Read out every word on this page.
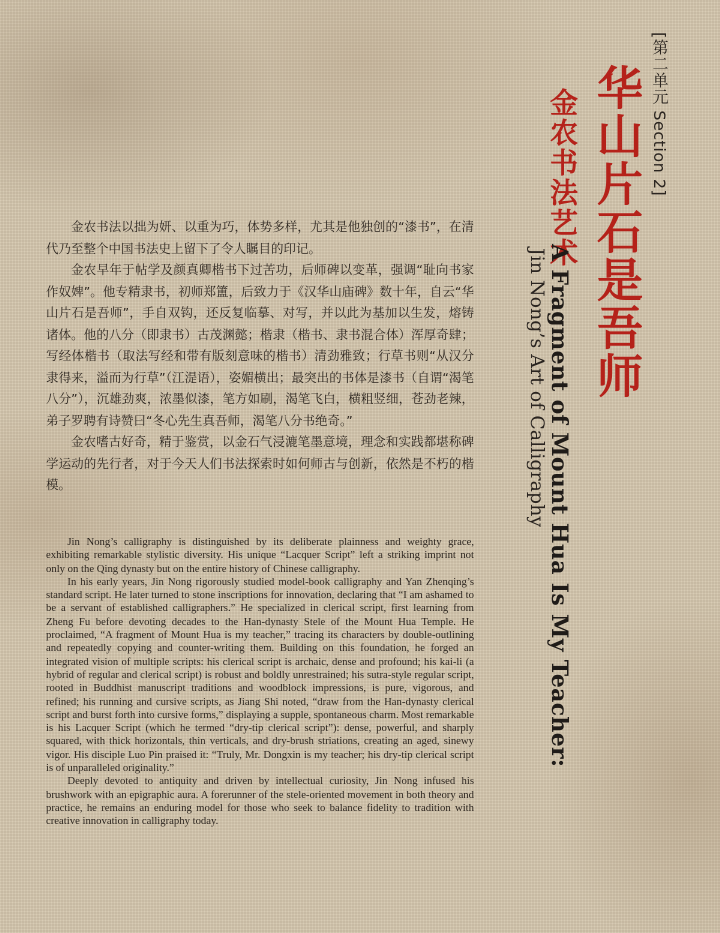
[第二单元 Section 2]
华山片石是吾师
金农书法艺术
A Fragment of Mount Hua Is My Teacher:
Jin Nong’s Art of Calligraphy

金农书法以拙为妍、以重为巧，体势多样，尤其是他独创的“漆书”，在清代乃至整个中国书法史上留下了令人瞩目的印记。

金农早年于帖学及颜真卿楷书下过苦功，后师碑以变革，强调“耻向书家作奴婢”。他专精隶书，初师郑簠，后致力于《汉华山庙碑》数十年，自云“华山片石是吾师”，手自双钩，还反复临摹、对写，并以此为基加以生发，熔铸诸体。他的八分（即隶书）古茂渊懿；楷隶（楷书、隶书混合体）浑厚奇肆；写经体楷书（取法写经和带有版刻意味的楷书）清劲雅致；行草书则“从汉分隶得来，溢而为行草”（江湜语），姿媚横出；最突出的书体是漆书（自谓“渴笔八分”），沉雄劲爽，浓墨似漆，笔方如刷，渴笔飞白，横粗竖细，苍劲老辣，弟子罗聘有诗赞曰“冬心先生真吾师，渴笔八分书绝奇。”

金农嗜古好奇，精于鉴赏，以金石气浸漉笔墨意境，理念和实践都堪称碑学运动的先行者，对于今天人们书法探索时如何师古与创新，依然是不朽的楷模。

Jin Nong’s calligraphy is distinguished by its deliberate plainness and weighty grace, exhibiting remarkable stylistic diversity. His unique “Lacquer Script” left a striking imprint not only on the Qing dynasty but on the entire history of Chinese calligraphy.

In his early years, Jin Nong rigorously studied model-book calligraphy and Yan Zhenqing’s standard script. He later turned to stone inscriptions for innovation, declaring that “I am ashamed to be a servant of established calligraphers.” He specialized in clerical script, first learning from Zheng Fu before devoting decades to the Han-dynasty Stele of the Mount Hua Temple. He proclaimed, “A fragment of Mount Hua is my teacher,” tracing its characters by double-outlining and repeatedly copying and counter-writing them. Building on this foundation, he forged an integrated vision of multiple scripts: his clerical script is archaic, dense and profound; his kai-li (a hybrid of regular and clerical script) is robust and boldly unrestrained; his sutra-style regular script, rooted in Buddhist manuscript traditions and woodblock impressions, is pure, vigorous, and refined; his running and cursive scripts, as Jiang Shi noted, “draw from the Han-dynasty clerical script and burst forth into cursive forms,” displaying a supple, spontaneous charm. Most remarkable is his Lacquer Script (which he termed “dry-tip clerical script”): dense, powerful, and sharply squared, with thick horizontals, thin verticals, and dry-brush striations, creating an aged, sinewy vigor. His disciple Luo Pin praised it: “Truly, Mr. Dongxin is my teacher; his dry-tip clerical script is of unparalleled originality.”

Deeply devoted to antiquity and driven by intellectual curiosity, Jin Nong infused his brushwork with an epigraphic aura. A forerunner of the stele-oriented movement in both theory and practice, he remains an enduring model for those who seek to balance fidelity to tradition with creative innovation in calligraphy today.
